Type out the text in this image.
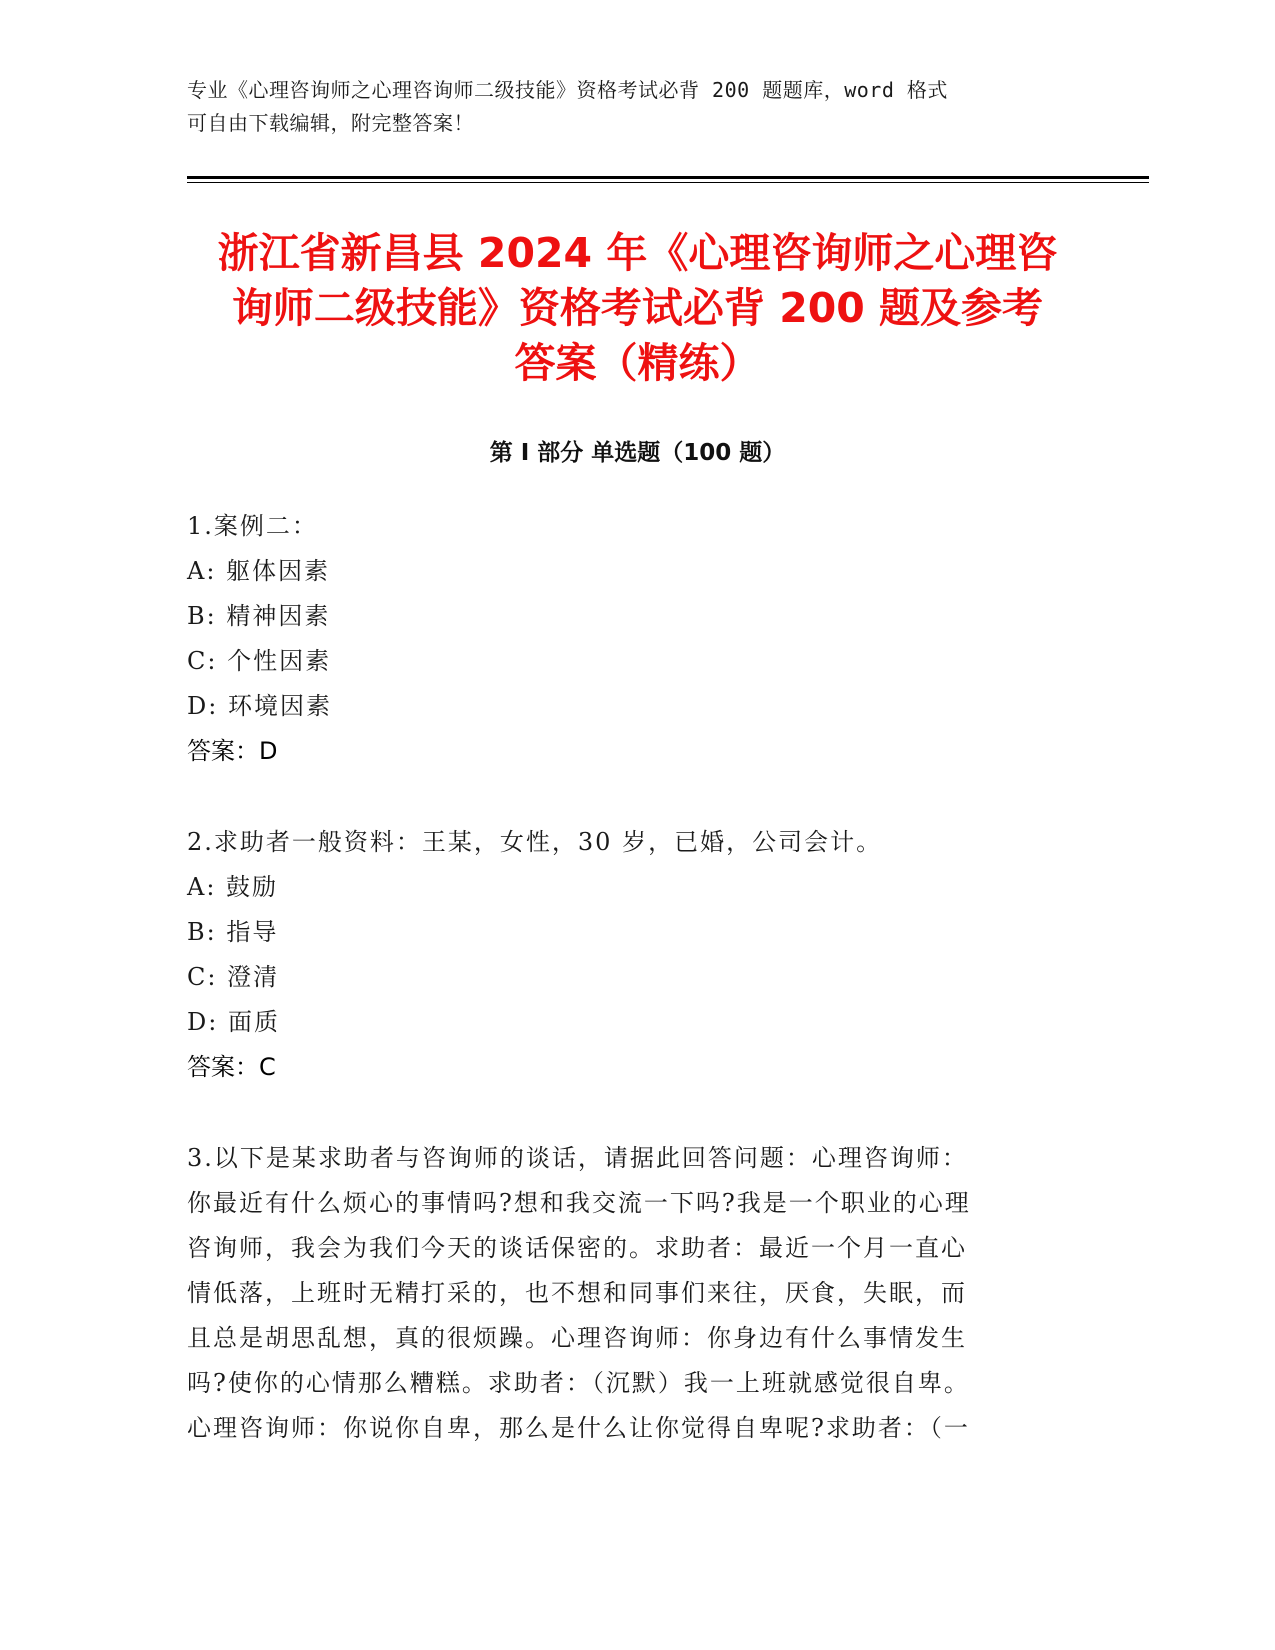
专业《心理咨询师之心理咨询师二级技能》资格考试必背 200 题题库，word 格式
可自由下载编辑，附完整答案！
浙江省新昌县 2024 年《心理咨询师之心理咨
询师二级技能》资格考试必背 200 题及参考
答案（精练）
第 I 部分 单选题（100 题）
1.案例二：
A: 躯体因素
B: 精神因素
C: 个性因素
D: 环境因素
答案：D
2.求助者一般资料：王某，女性，30 岁，已婚，公司会计。
A: 鼓励
B: 指导
C: 澄清
D: 面质
答案：C
3.以下是某求助者与咨询师的谈话，请据此回答问题：心理咨询师：
你最近有什么烦心的事情吗?想和我交流一下吗?我是一个职业的心理
咨询师，我会为我们今天的谈话保密的。求助者：最近一个月一直心
情低落，上班时无精打采的，也不想和同事们来往，厌食，失眠，而
且总是胡思乱想，真的很烦躁。心理咨询师：你身边有什么事情发生
吗?使你的心情那么糟糕。求助者：（沉默）我一上班就感觉很自卑。
心理咨询师：你说你自卑，那么是什么让你觉得自卑呢?求助者：（一
